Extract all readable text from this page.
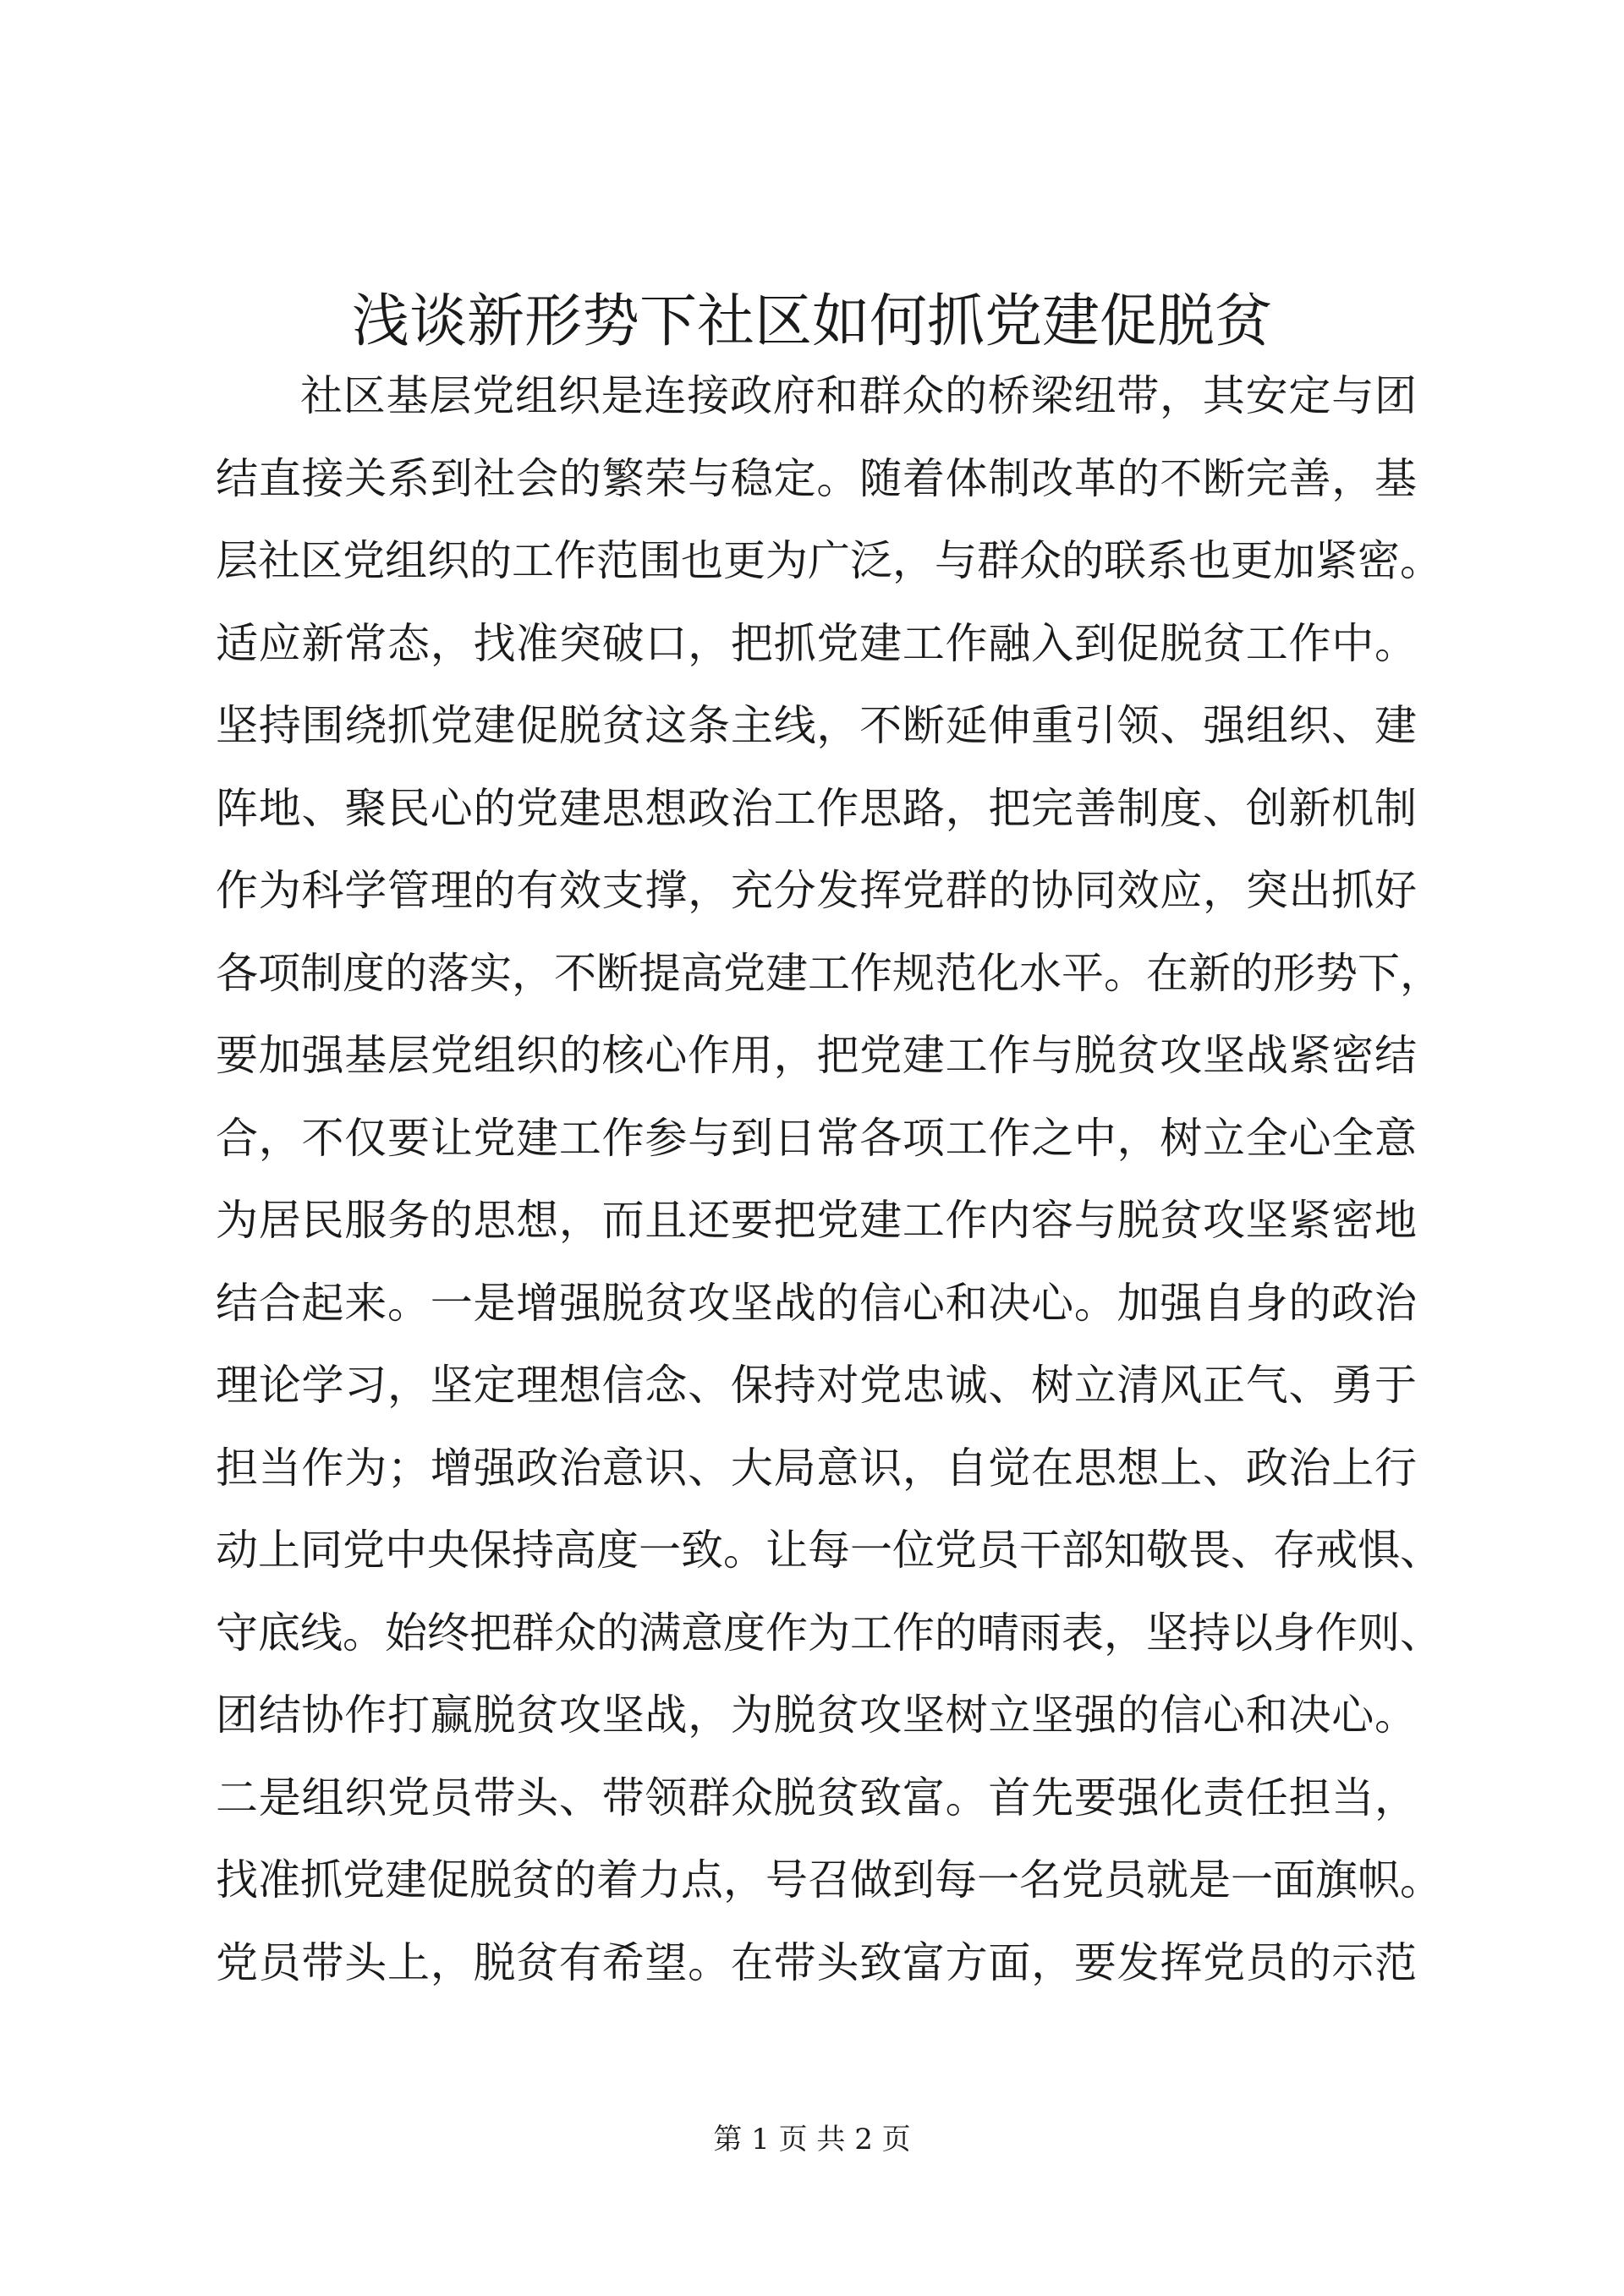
浅谈新形势下社区如何抓党建促脱贫
社区基层党组织是连接政府和群众的桥梁纽带，其安定与团
结直接关系到社会的繁荣与稳定。随着体制改革的不断完善，基
层社区党组织的工作范围也更为广泛，与群众的联系也更加紧密。
适应新常态，找准突破口，把抓党建工作融入到促脱贫工作中。
坚持围绕抓党建促脱贫这条主线，不断延伸重引领、强组织、建
阵地、聚民心的党建思想政治工作思路，把完善制度、创新机制
作为科学管理的有效支撑，充分发挥党群的协同效应，突出抓好
各项制度的落实，不断提高党建工作规范化水平。在新的形势下，
要加强基层党组织的核心作用，把党建工作与脱贫攻坚战紧密结
合，不仅要让党建工作参与到日常各项工作之中，树立全心全意
为居民服务的思想，而且还要把党建工作内容与脱贫攻坚紧密地
结合起来。一是增强脱贫攻坚战的信心和决心。加强自身的政治
理论学习，坚定理想信念、保持对党忠诚、树立清风正气、勇于
担当作为；增强政治意识、大局意识，自觉在思想上、政治上行
动上同党中央保持高度一致。让每一位党员干部知敬畏、存戒惧、
守底线。始终把群众的满意度作为工作的晴雨表，坚持以身作则、
团结协作打赢脱贫攻坚战，为脱贫攻坚树立坚强的信心和决心。
二是组织党员带头、带领群众脱贫致富。首先要强化责任担当，
找准抓党建促脱贫的着力点，号召做到每一名党员就是一面旗帜。
党员带头上，脱贫有希望。在带头致富方面，要发挥党员的示范
第 1 页 共 2 页
